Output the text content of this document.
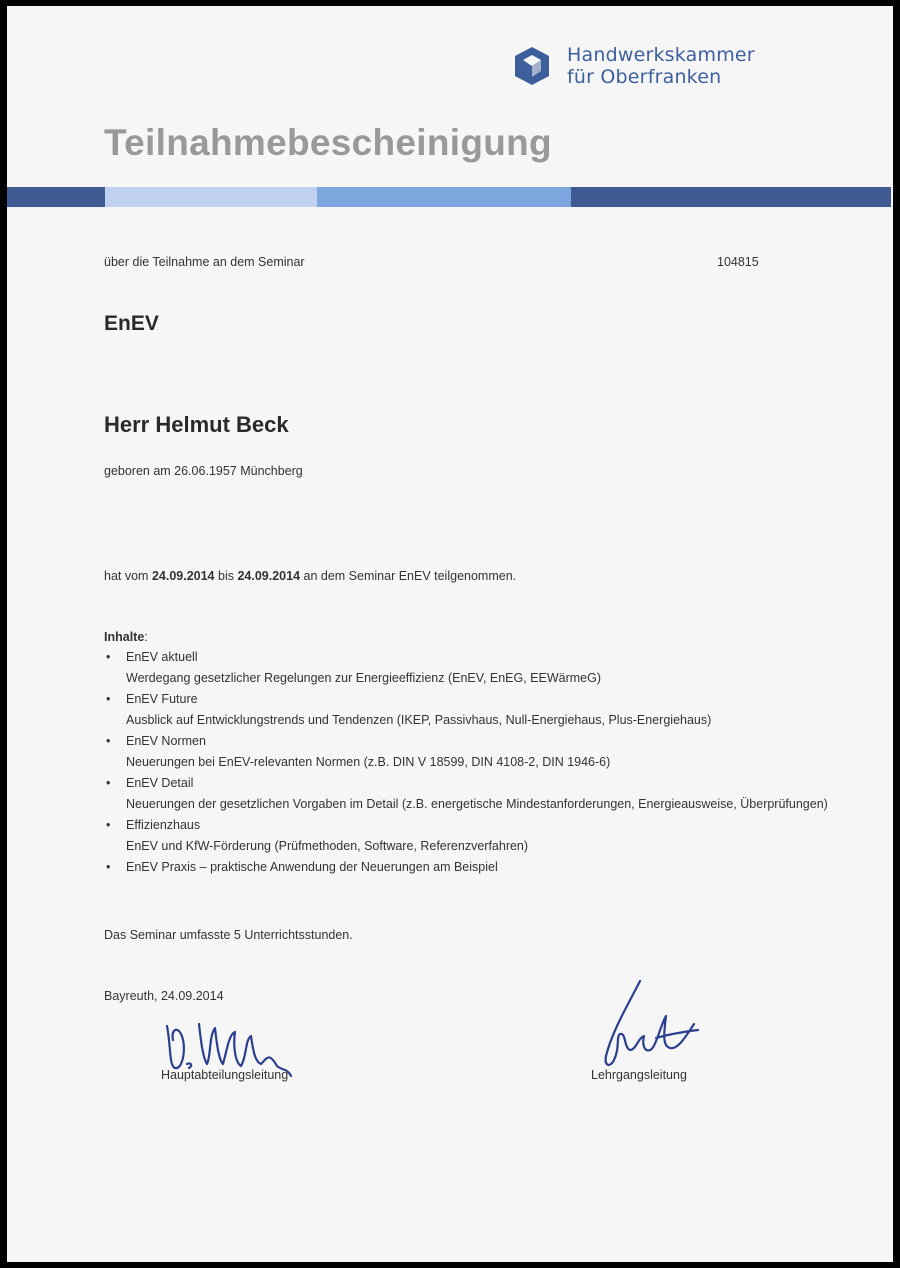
Handwerkskammer
für Oberfranken
Teilnahmebescheinigung
über die Teilnahme an dem Seminar	104815
EnEV
Herr Helmut Beck
geboren am 26.06.1957 Münchberg
hat vom 24.09.2014 bis 24.09.2014 an dem Seminar EnEV teilgenommen.
Inhalte:
• EnEV aktuell
Werdegang gesetzlicher Regelungen zur Energieeffizienz (EnEV, EnEG, EEWärmeG)
• EnEV Future
Ausblick auf Entwicklungstrends und Tendenzen (IKEP, Passivhaus, Null-Energiehaus, Plus-Energiehaus)
• EnEV Normen
Neuerungen bei EnEV-relevanten Normen (z.B. DIN V 18599, DIN 4108-2, DIN 1946-6)
• EnEV Detail
Neuerungen der gesetzlichen Vorgaben im Detail (z.B. energetische Mindestanforderungen, Energieausweise, Überprüfungen)
• Effizienzhaus
EnEV und KfW-Förderung (Prüfmethoden, Software, Referenzverfahren)
• EnEV Praxis – praktische Anwendung der Neuerungen am Beispiel
Das Seminar umfasste 5 Unterrichtsstunden.
Bayreuth, 24.09.2014
Hauptabteilungsleitung	Lehrgangsleitung
